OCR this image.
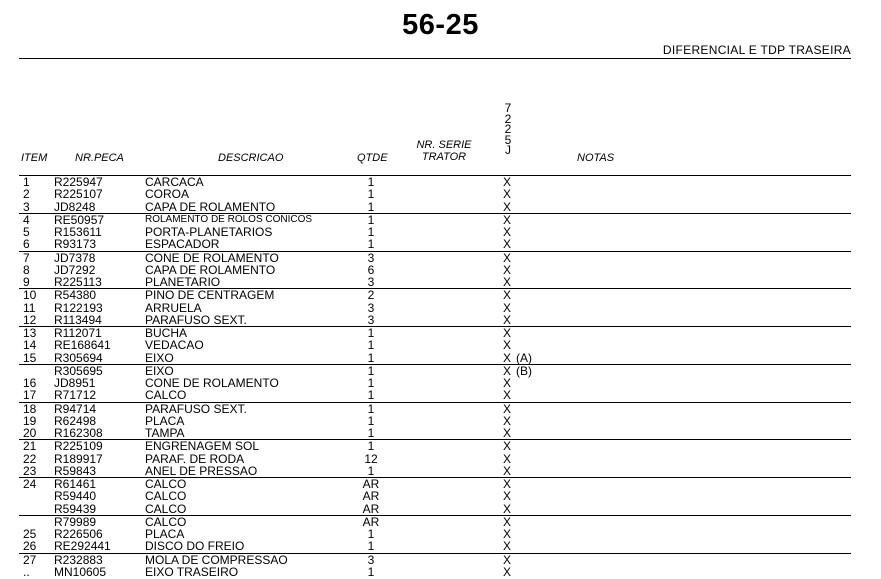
56-25
DIFERENCIAL E TDP TRASEIRA
ITEM	NR.PECA	DESCRICAO	QTDE
NR. SERIE
TRATOR
7
2
2
5
J
NOTAS
1 R225947	CARCACA	1	X
2 R225107	COROA	1	X
3 JD8248	CAPA DE ROLAMENTO	1	X
4 RE50957	ROLAMENTO DE ROLOS CONICOS	1	X
5 R153611	PORTA-PLANETARIOS	1	X
6 R93173	ESPACADOR	1	X
7 JD7378	CONE DE ROLAMENTO	3	X
8 JD7292	CAPA DE ROLAMENTO	6	X
9 R225113	PLANETARIO	3	X
10 R54380	PINO DE CENTRAGEM	2	X
11 R122193	ARRUELA	3	X
12 R113494	PARAFUSO SEXT.	3	X
13 R112071	BUCHA	1	X
14 RE168641	VEDACAO	1	X
15 R305694	EIXO	1	X (A)
R305695	EIXO	1	X (B)
16 JD8951	CONE DE ROLAMENTO	1	X
17 R71712	CALCO	1	X
18 R94714	PARAFUSO SEXT.	1	X
19 R62498	PLACA	1	X
20 R162308	TAMPA	1	X
21 R225109	ENGRENAGEM SOL	1	X
22 R189917	PARAF. DE RODA	12	X
23 R59843	ANEL DE PRESSAO	1	X
24 R61461	CALCO	AR	X
R59440	CALCO	AR	X
R59439	CALCO	AR	X
R79989	CALCO	AR	X
25 R226506	PLACA	1	X
26 RE292441	DISCO DO FREIO	1	X
27 R232883	MOLA DE COMPRESSAO	3	X
.. MN10605	EIXO TRASEIRO	1	X
